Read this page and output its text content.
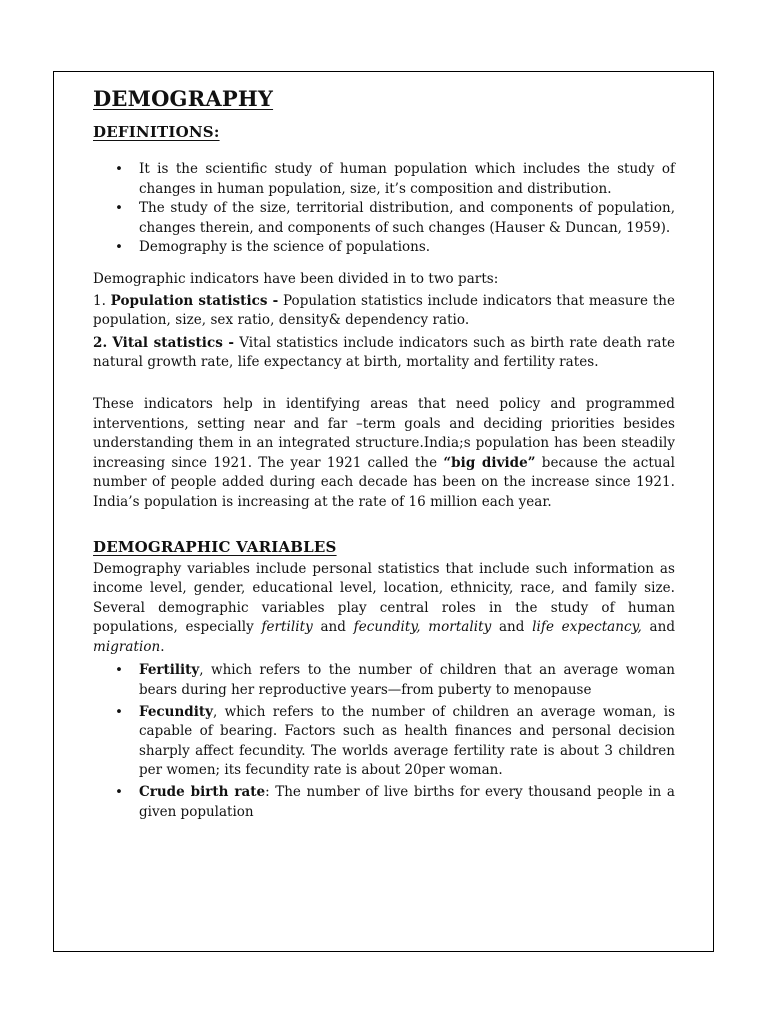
DEMOGRAPHY
DEFINITIONS:
• It is the scientific study of human population which includes the study of changes in human population, size, it’s composition and distribution.
• The study of the size, territorial distribution, and components of population, changes therein, and components of such changes (Hauser & Duncan, 1959).
• Demography is the science of populations.

Demographic indicators have been divided in to two parts:

1. Population statistics - Population statistics include indicators that measure the population, size, sex ratio, density& dependency ratio.

2. Vital statistics - Vital statistics include indicators such as birth rate death rate natural growth rate, life expectancy at birth, mortality and fertility rates.

These indicators help in identifying areas that need policy and programmed interventions, setting near and far –term goals and deciding priorities besides understanding them in an integrated structure.India;s population has been steadily increasing since 1921. The year 1921 called the “big divide” because the actual number of people added during each decade has been on the increase since 1921. India’s population is increasing at the rate of 16 million each year.

DEMOGRAPHIC VARIABLES

Demography variables include personal statistics that include such information as income level, gender, educational level, location, ethnicity, race, and family size. Several demographic variables play central roles in the study of human populations, especially fertility and fecundity, mortality and life expectancy, and migration.

• Fertility, which refers to the number of children that an average woman bears during her reproductive years—from puberty to menopause
• Fecundity, which refers to the number of children an average woman, is capable of bearing. Factors such as health finances and personal decision sharply affect fecundity. The worlds average fertility rate is about 3 children per women; its fecundity rate is about 20per woman.
• Crude birth rate: The number of live births for every thousand people in a given population
